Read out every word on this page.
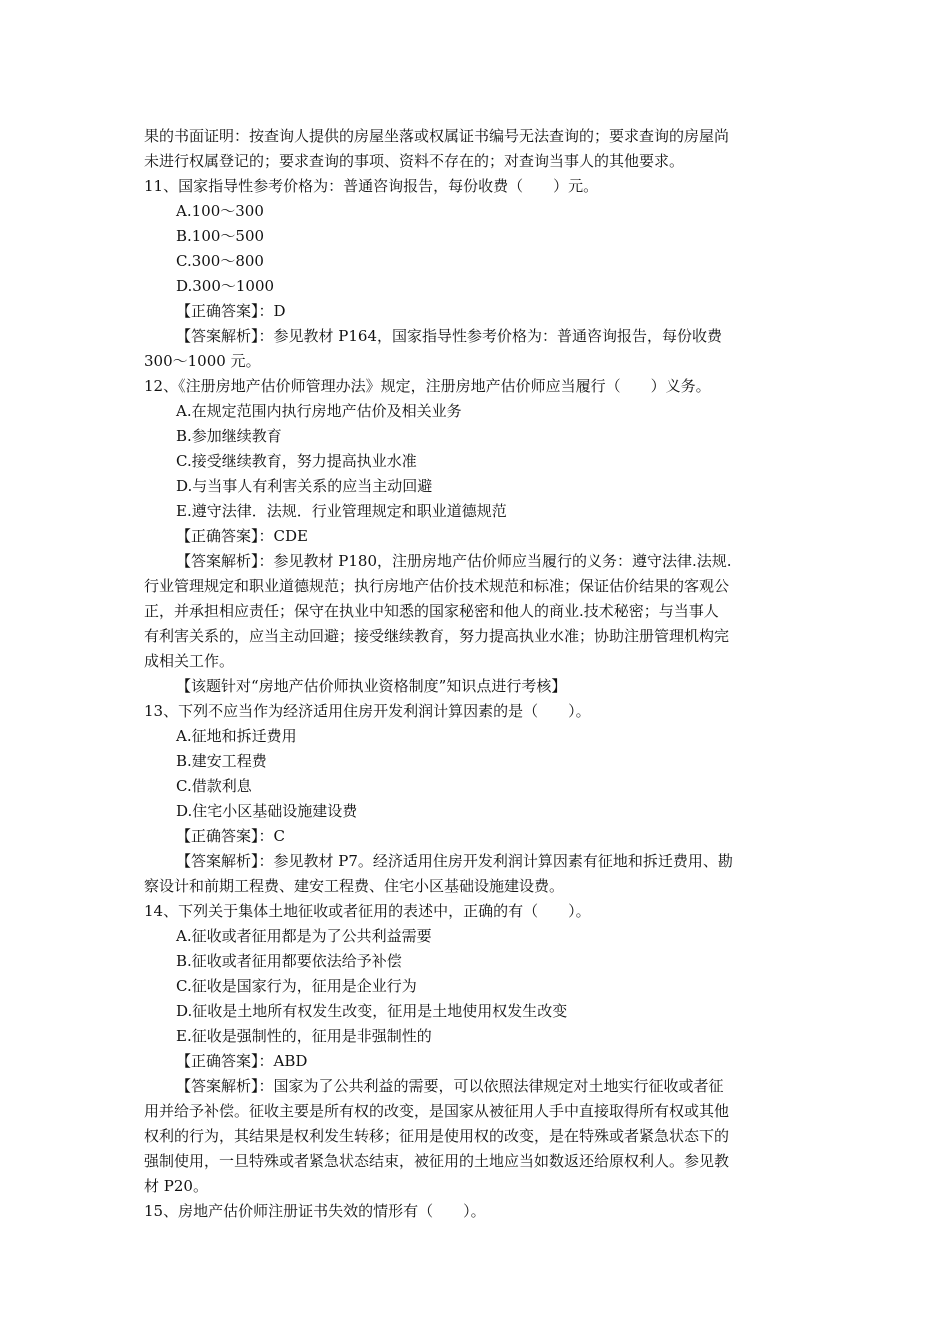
果的书面证明：按查询人提供的房屋坐落或权属证书编号无法查询的；要求查询的房屋尚
未进行权属登记的；要求查询的事项、资料不存在的；对查询当事人的其他要求。
11、国家指导性参考价格为：普通咨询报告，每份收费（　　）元。
A.100～300
B.100～500
C.300～800
D.300～1000
【正确答案】：D
【答案解析】：参见教材 P164，国家指导性参考价格为：普通咨询报告，每份收费
300～1000 元。
12、《注册房地产估价师管理办法》规定，注册房地产估价师应当履行（　　）义务。
A.在规定范围内执行房地产估价及相关业务
B.参加继续教育
C.接受继续教育，努力提高执业水准
D.与当事人有利害关系的应当主动回避
E.遵守法律．法规．行业管理规定和职业道德规范
【正确答案】：CDE
【答案解析】：参见教材 P180，注册房地产估价师应当履行的义务：遵守法律.法规.
行业管理规定和职业道德规范；执行房地产估价技术规范和标准；保证估价结果的客观公
正，并承担相应责任；保守在执业中知悉的国家秘密和他人的商业.技术秘密；与当事人
有利害关系的，应当主动回避；接受继续教育，努力提高执业水准；协助注册管理机构完
成相关工作。
【该题针对“房地产估价师执业资格制度”知识点进行考核】
13、下列不应当作为经济适用住房开发利润计算因素的是（　　）。
A.征地和拆迁费用
B.建安工程费
C.借款利息
D.住宅小区基础设施建设费
【正确答案】：C
【答案解析】：参见教材 P7。经济适用住房开发利润计算因素有征地和拆迁费用、勘
察设计和前期工程费、建安工程费、住宅小区基础设施建设费。
14、下列关于集体土地征收或者征用的表述中，正确的有（　　）。
A.征收或者征用都是为了公共利益需要
B.征收或者征用都要依法给予补偿
C.征收是国家行为，征用是企业行为
D.征收是土地所有权发生改变，征用是土地使用权发生改变
E.征收是强制性的，征用是非强制性的
【正确答案】：ABD
【答案解析】：国家为了公共利益的需要，可以依照法律规定对土地实行征收或者征
用并给予补偿。征收主要是所有权的改变，是国家从被征用人手中直接取得所有权或其他
权利的行为，其结果是权利发生转移；征用是使用权的改变，是在特殊或者紧急状态下的
强制使用，一旦特殊或者紧急状态结束，被征用的土地应当如数返还给原权利人。参见教
材 P20。
15、房地产估价师注册证书失效的情形有（　　）。
